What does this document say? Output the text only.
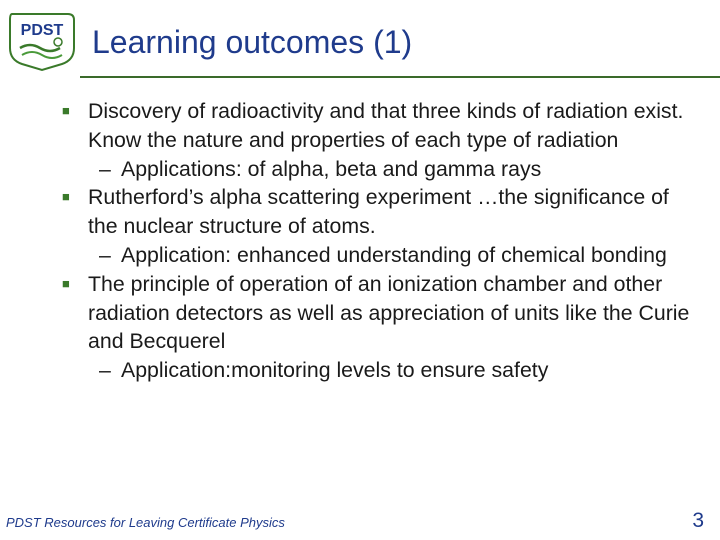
PDST Learning outcomes (1)
■ Discovery of radioactivity and that three kinds of radiation exist. Know the nature and properties of each type of radiation
– Applications: of alpha, beta and gamma rays
■ Rutherford’s alpha scattering experiment …the significance of the nuclear structure of atoms.
– Application: enhanced understanding of chemical bonding
■ The principle of operation of an ionization chamber and other radiation detectors as well as appreciation of units like the Curie and Becquerel
– Application:monitoring levels to ensure safety
PDST Resources for Leaving Certificate Physics	3
